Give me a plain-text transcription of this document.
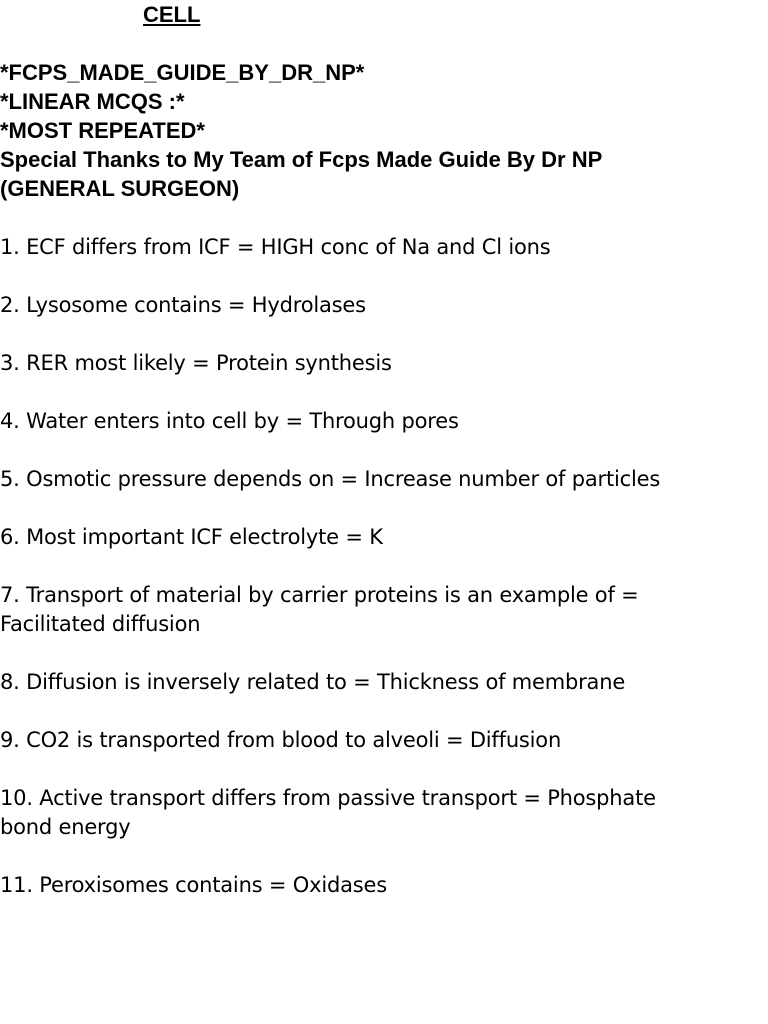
CELL
*FCPS_MADE_GUIDE_BY_DR_NP*
*LINEAR MCQS :*
*MOST REPEATED*
Special Thanks to My Team of Fcps Made Guide By Dr NP
(GENERAL SURGEON)
1. ECF differs from ICF = HIGH conc of Na and Cl ions
2. Lysosome contains = Hydrolases
3. RER most likely = Protein synthesis
4. Water enters into cell by = Through pores
5. Osmotic pressure depends on = Increase number of particles
6. Most important ICF electrolyte = K
7. Transport of material by carrier proteins is an example of =
Facilitated diffusion
8. Diffusion is inversely related to = Thickness of membrane
9. CO2 is transported from blood to alveoli = Diffusion
10. Active transport differs from passive transport = Phosphate
bond energy
11. Peroxisomes contains = Oxidases
